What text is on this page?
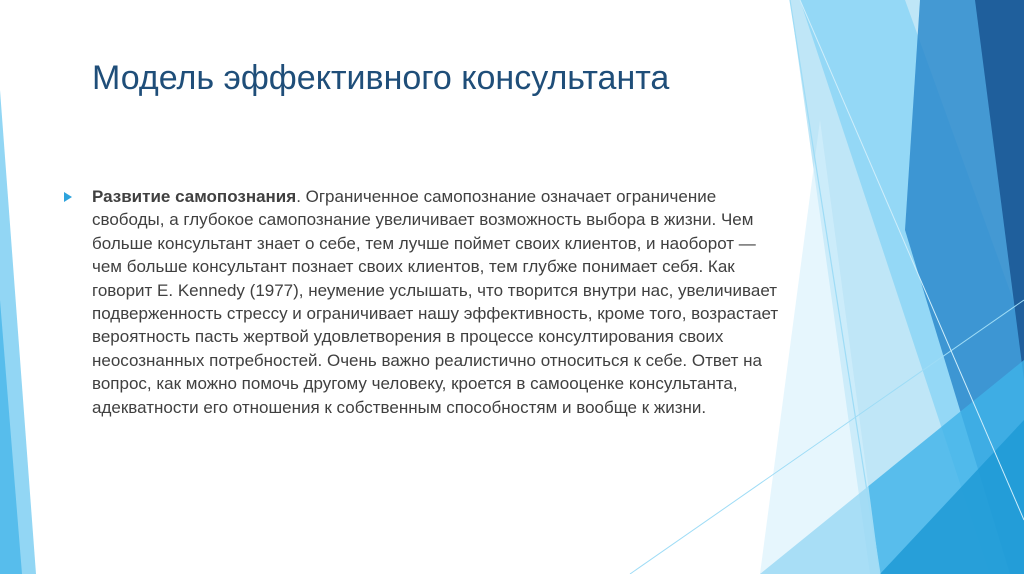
Модель эффективного консультанта
Развитие самопознания. Ограниченное самопознание означает ограничение свободы, а глубокое самопознание увеличивает возможность выбора в жизни. Чем больше консультант знает о себе, тем лучше поймет своих клиентов, и наоборот — чем больше консультант познает своих клиентов, тем глубже понимает себя. Как говорит E. Kennedy (1977), неумение услышать, что творится внутри нас, увеличивает подверженность стрессу и ограничивает нашу эффективность, кроме того, возрастает вероятность пасть жертвой удовлетворения в процессе консултирования своих неосознанных потребностей. Очень важно реалистично относиться к себе. Ответ на вопрос, как можно помочь другому человеку, кроется в самооценке консультанта, адекватности его отношения к собственным способностям и вообще к жизни.
